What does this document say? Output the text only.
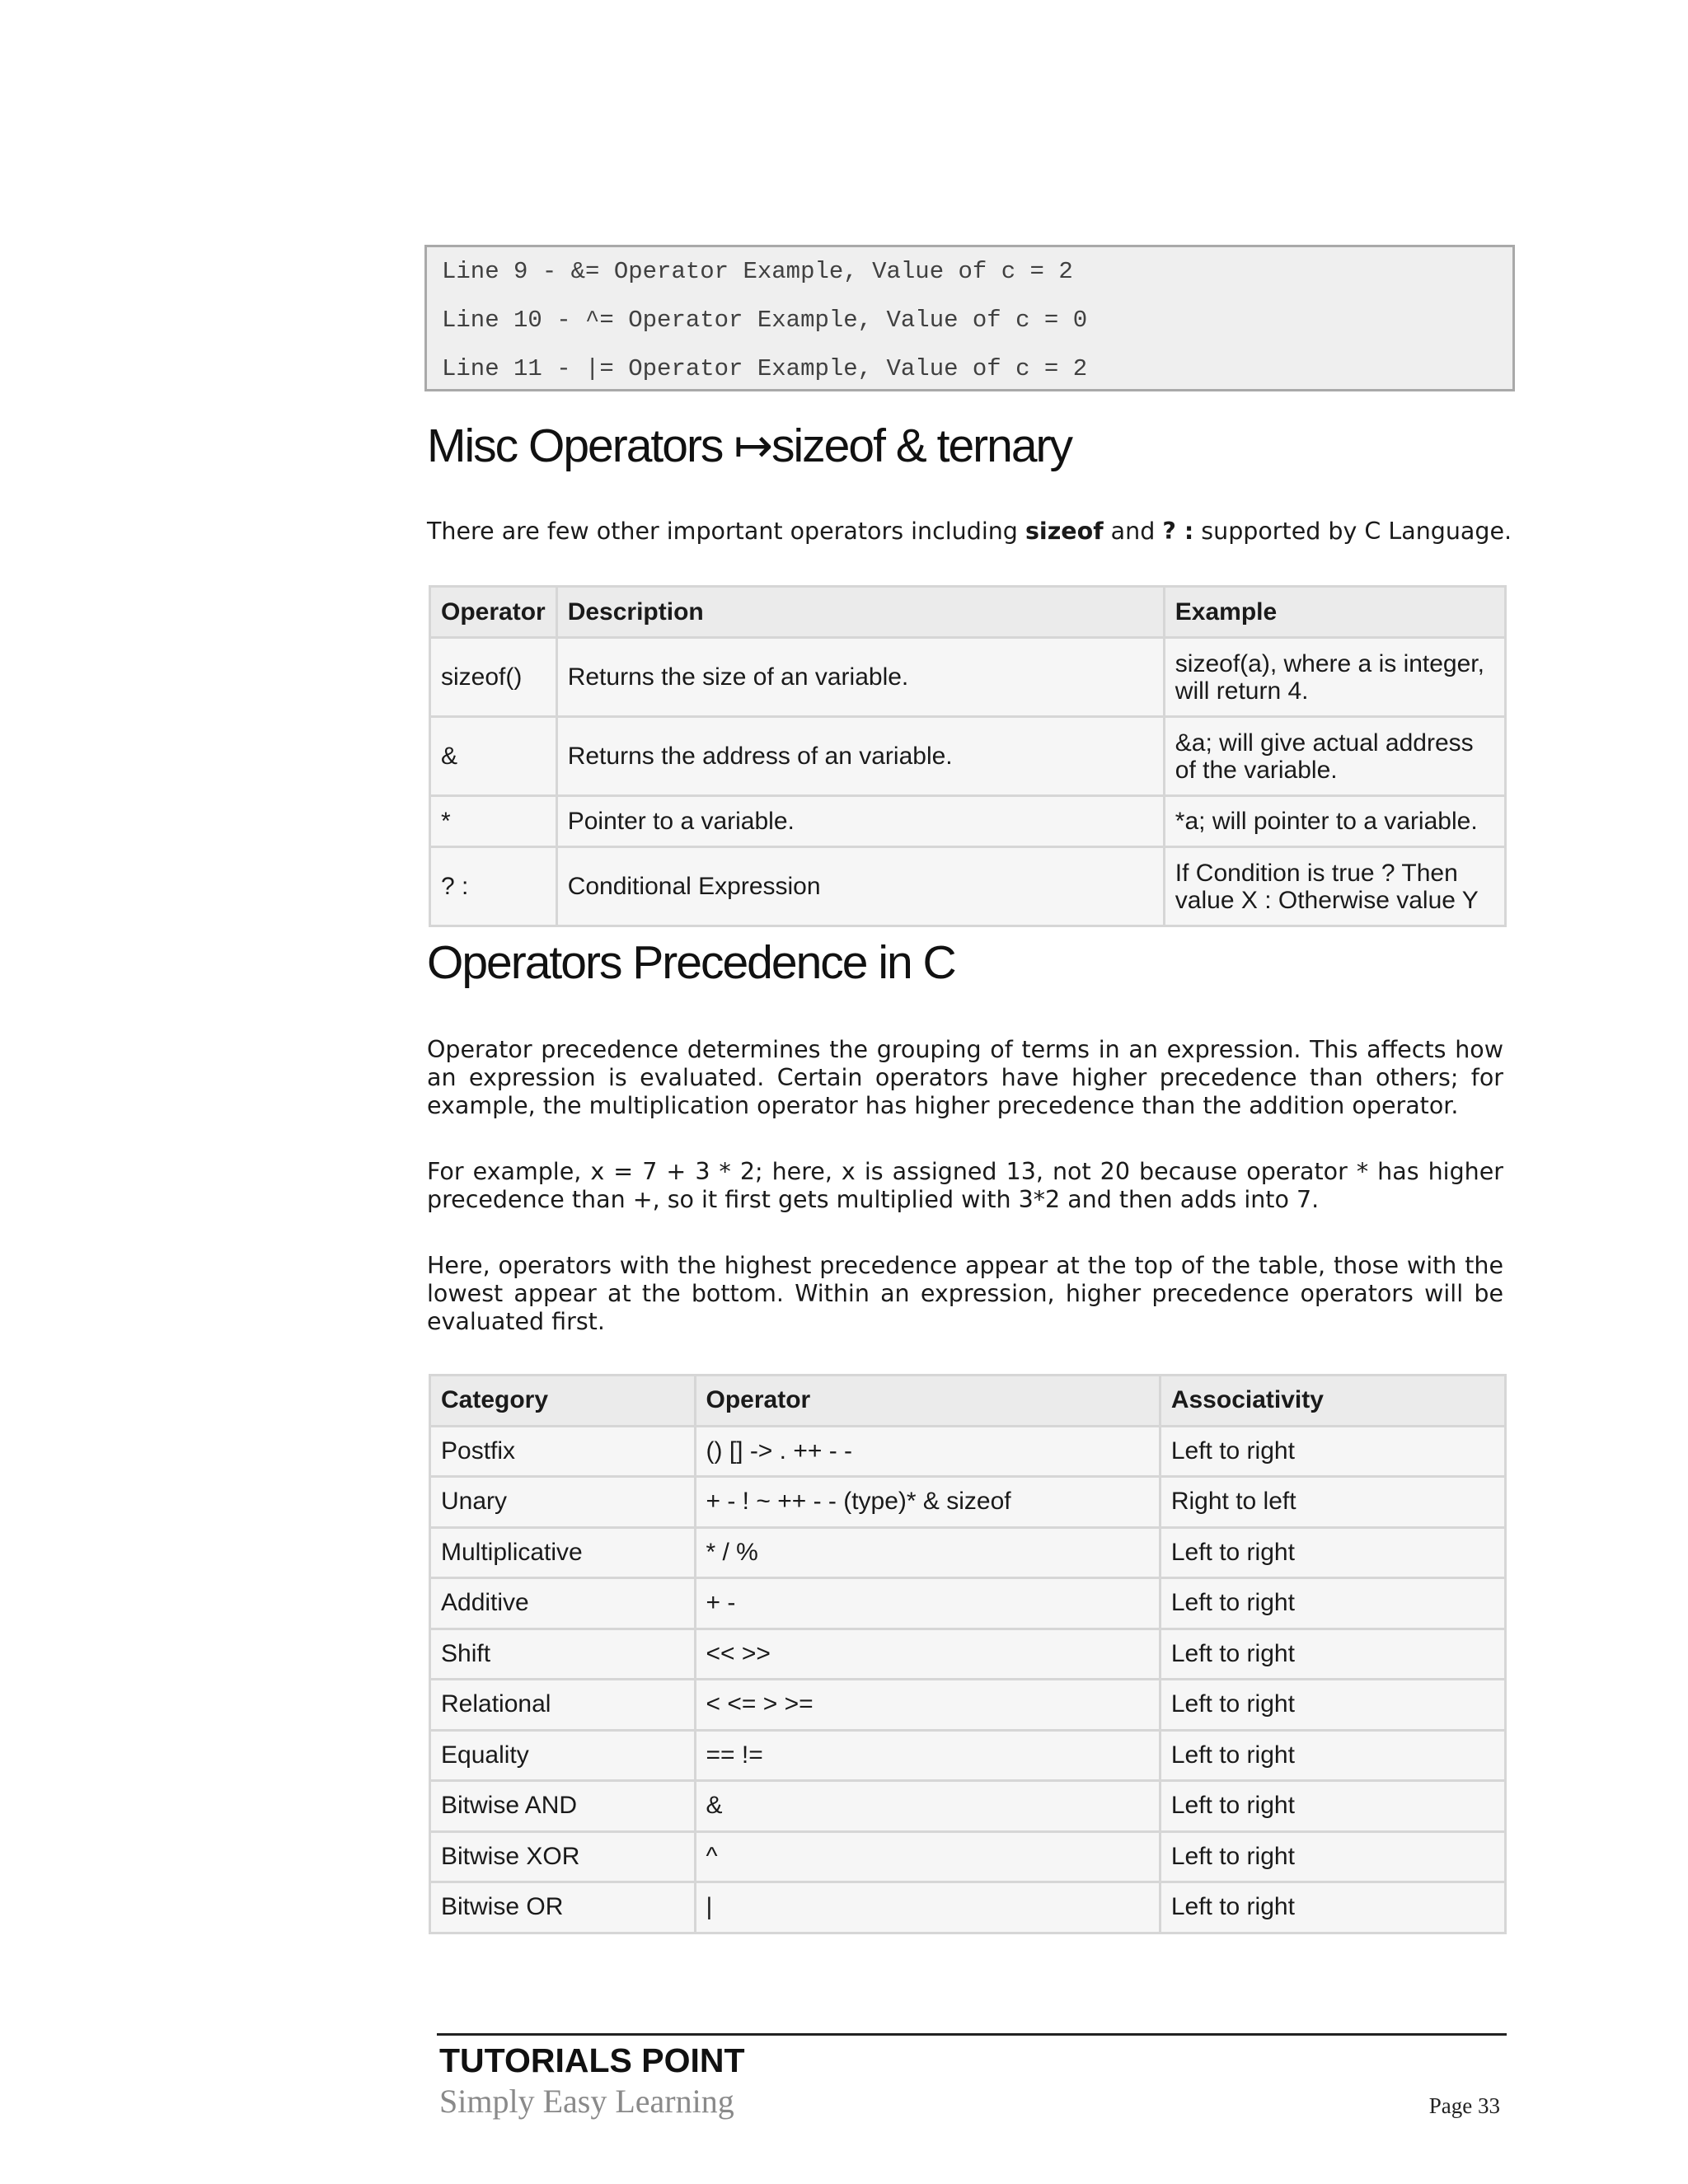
Line 9 - &= Operator Example, Value of c = 2
Line 10 - ^= Operator Example, Value of c = 0
Line 11 - |= Operator Example, Value of c = 2
Misc Operators ↦sizeof & ternary

There are few other important operators including sizeof and ? : supported by C Language.

Operator	Description	Example
sizeof()	Returns the size of an variable.	sizeof(a), where a is integer, will return 4.
&	Returns the address of an variable.	&a; will give actual address of the variable.
*	Pointer to a variable.	*a; will pointer to a variable.
? :	Conditional Expression	If Condition is true ? Then value X : Otherwise value Y
Operators Precedence in C

Operator precedence determines the grouping of terms in an expression. This affects how an expression is evaluated. Certain operators have higher precedence than others; for example, the multiplication operator has higher precedence than the addition operator.

For example, x = 7 + 3 * 2; here, x is assigned 13, not 20 because operator * has higher precedence than +, so it first gets multiplied with 3*2 and then adds into 7.

Here, operators with the highest precedence appear at the top of the table, those with the lowest appear at the bottom. Within an expression, higher precedence operators will be evaluated first.

Category	Operator	Associativity
Postfix	() [] -> . ++ - -	Left to right
Unary	+ - ! ~ ++ - - (type)* & sizeof	Right to left
Multiplicative	* / %	Left to right
Additive	+ -	Left to right
Shift	<< >>	Left to right
Relational	< <= > >=	Left to right
Equality	== !=	Left to right
Bitwise AND	&	Left to right
Bitwise XOR	^	Left to right
Bitwise OR	|	Left to right
TUTORIALS POINT
Simply Easy Learning	Page 33
